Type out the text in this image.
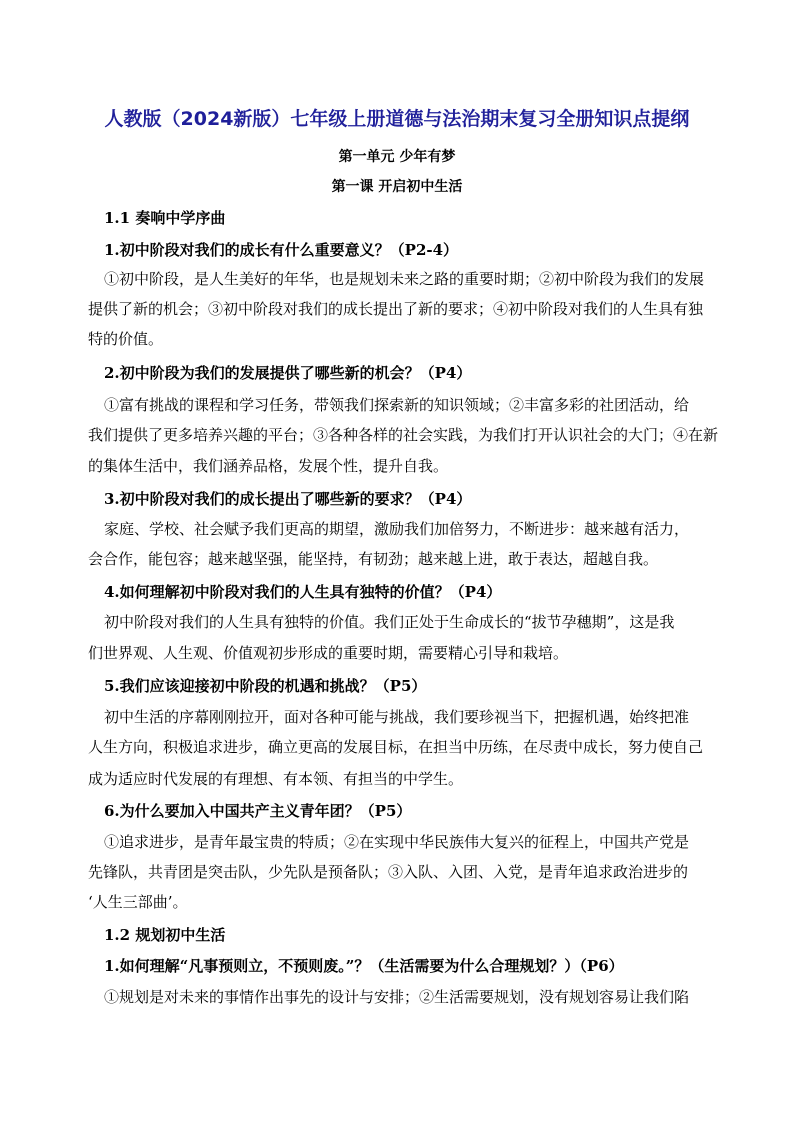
人教版（2024新版）七年级上册道德与法治期末复习全册知识点提纲
第一单元 少年有梦
第一课 开启初中生活
1.1 奏响中学序曲
1.初中阶段对我们的成长有什么重要意义？（P2-4）
①初中阶段，是人生美好的年华，也是规划未来之路的重要时期；②初中阶段为我们的发展
提供了新的机会；③初中阶段对我们的成长提出了新的要求；④初中阶段对我们的人生具有独
特的价值。
2.初中阶段为我们的发展提供了哪些新的机会？（P4）
①富有挑战的课程和学习任务，带领我们探索新的知识领域；②丰富多彩的社团活动，给
我们提供了更多培养兴趣的平台；③各种各样的社会实践，为我们打开认识社会的大门；④在新
的集体生活中，我们涵养品格，发展个性，提升自我。
3.初中阶段对我们的成长提出了哪些新的要求？（P4）
家庭、学校、社会赋予我们更高的期望，激励我们加倍努力，不断进步：越来越有活力，
会合作，能包容；越来越坚强，能坚持，有韧劲；越来越上进，敢于表达，超越自我。
4.如何理解初中阶段对我们的人生具有独特的价值？（P4）
初中阶段对我们的人生具有独特的价值。我们正处于生命成长的“拔节孕穗期”，这是我
们世界观、人生观、价值观初步形成的重要时期，需要精心引导和栽培。
5.我们应该迎接初中阶段的机遇和挑战？（P5）
初中生活的序幕刚刚拉开，面对各种可能与挑战，我们要珍视当下，把握机遇，始终把准
人生方向，积极追求进步，确立更高的发展目标，在担当中历练，在尽责中成长，努力使自己
成为适应时代发展的有理想、有本领、有担当的中学生。
6.为什么要加入中国共产主义青年团？（P5）
①追求进步，是青年最宝贵的特质；②在实现中华民族伟大复兴的征程上，中国共产党是
先锋队，共青团是突击队，少先队是预备队；③入队、入团、入党，是青年追求政治进步的
‘人生三部曲’。
1.2 规划初中生活
1.如何理解“凡事预则立，不预则废。”？（生活需要为什么合理规划？）（P6）
①规划是对未来的事情作出事先的设计与安排；②生活需要规划，没有规划容易让我们陷
